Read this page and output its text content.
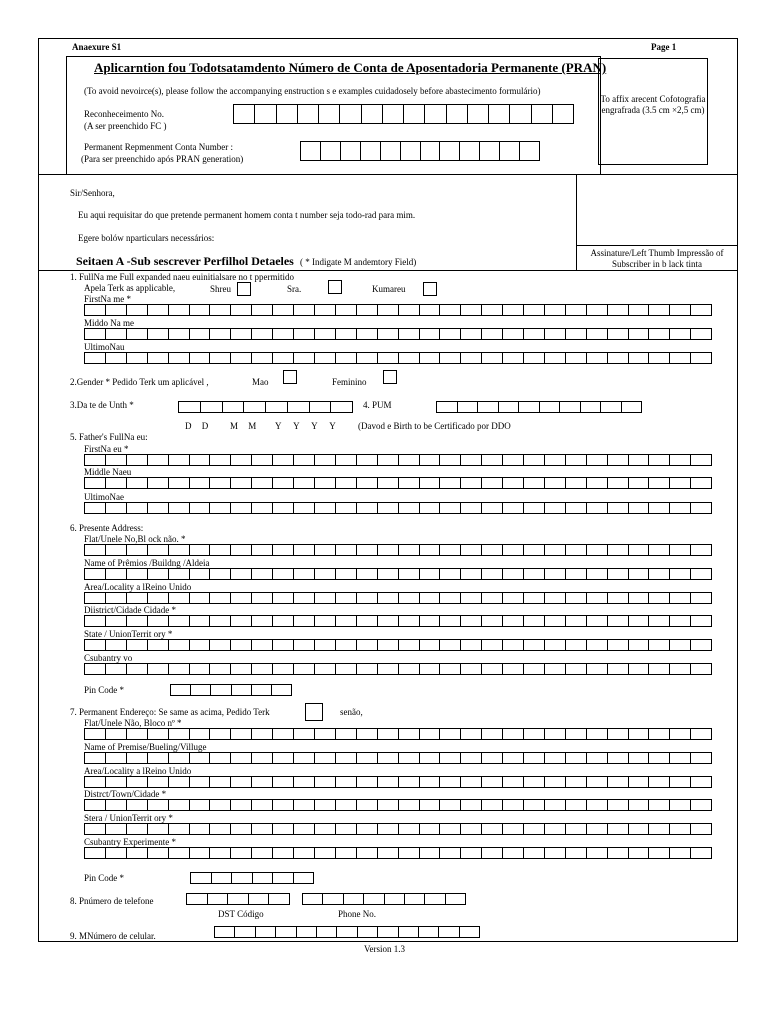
Anaexure S1	Page 1
Aplicarntion fou Todotsatamdento Número de Conta de Aposentadoria Permanente (PRAN)
(To avoid nevoirce(s), please follow the accompanying enstruction s e examples cuidadosely before abastecimento formulário)
Reconheceimento No.
(A ser preenchido FC )
Permanent Repmenment Conta Number :
(Para ser preenchido após PRAN generation)
To affix arecent Cofotografia engrafrada (3.5 cm ×2,5 cm)
Assinature/Left Thumb Impressão of Subscriber in b lack tinta
Sir/Senhora,
Eu aqui requisitar do que pretende permanent homem conta t number seja todo-rad para mim.
Egere bolów nparticulars necessários:
Seitaen A -Sub sescrever Perfilhol Detaeles ( * Indigate M andemtory Field)
1. FullNa me Full expanded naeu euinitialsare no t ppermitido
Apela Terk as applicable,	Shreu	Sra.	Kumareu
FirstNa me *
Middo Na me
UltimoNau
2.Gender * Pedido Terk um aplicável ,	Mao	Feminino
3.Da te de Unth *	4. PUM
D D M M Y Y Y Y (Davod e Birth to be Certificado por DDO
5. Father's FullNa eu:
FirstNa eu *
Middle Naeu
UltimoNae
6. Presente Address:
Flat/Unele No,Bl ock não. *
Name of Prêmios /Buildng /Aldeia
Area/Locality a lReino Unido
Diistrict/Cidade Cidade *
State / UnionTerrit ory *
Csubantry vo
Pin Code *
7. Permanent Endereço: Se same as acima, Pedido Terk	senão,
Flat/Unele Não, Bloco nº *
Name of Premise/Bueling/Villuge
Area/Locality a lReino Unido
Distrct/Town/Cidade *
Stera / UnionTerrit ory *
Csubantry Experimente *
Pin Code *
8. Pnúmero de telefone
DST Código	Phone No.
9. MNúmero de celular.
Version 1.3
